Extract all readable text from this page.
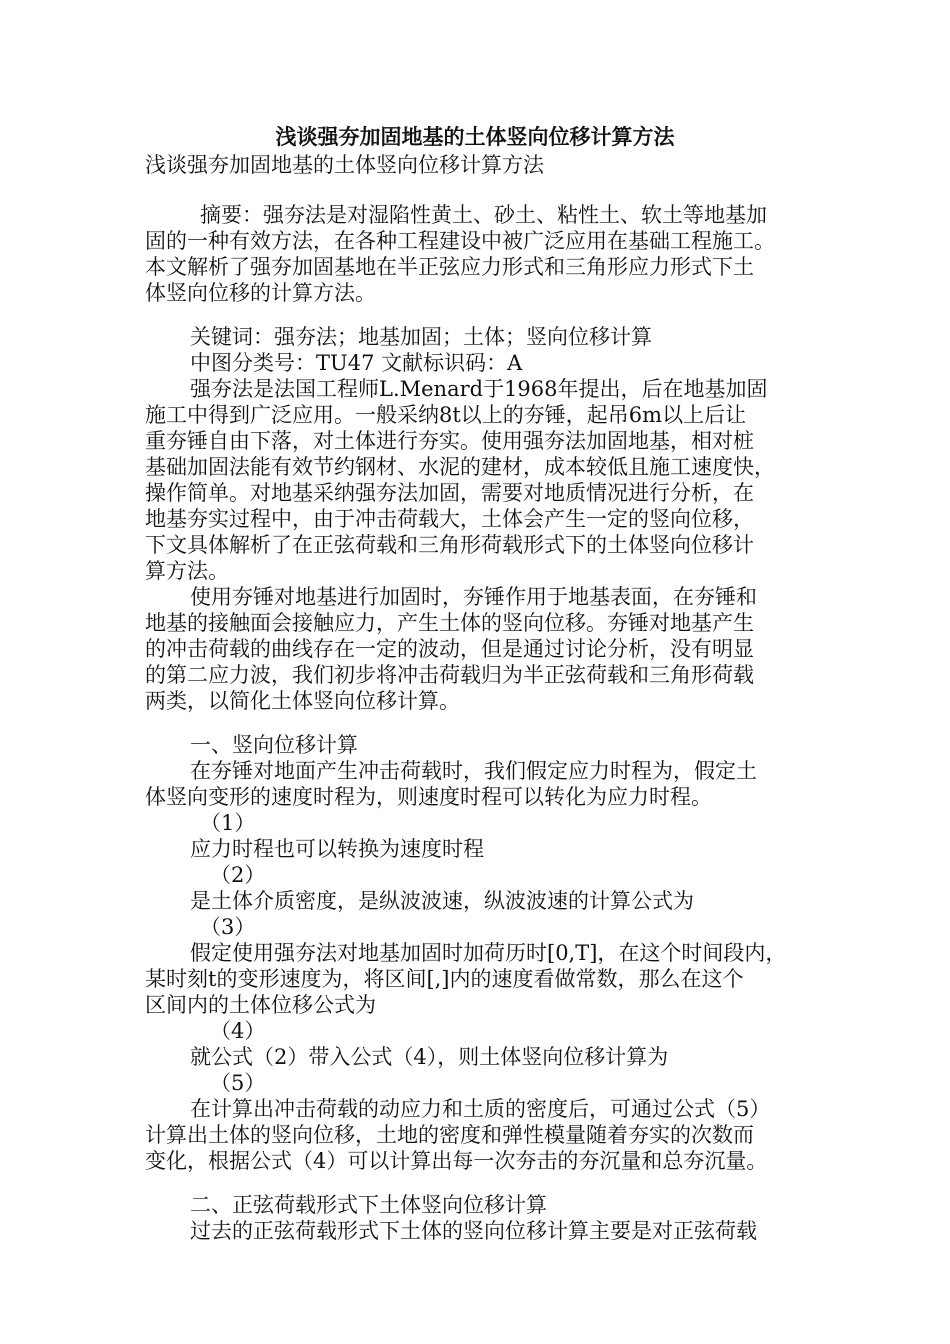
浅谈强夯加固地基的土体竖向位移计算方法
浅谈强夯加固地基的土体竖向位移计算方法
摘要：强夯法是对湿陷性黄土、砂土、粘性土、软土等地基加
固的一种有效方法，在各种工程建设中被广泛应用在基础工程施工。
本文解析了强夯加固基地在半正弦应力形式和三角形应力形式下土
体竖向位移的计算方法。
关键词：强夯法；地基加固；土体；竖向位移计算
中图分类号：TU47 文献标识码：A
强夯法是法国工程师L.Menard于1968年提出，后在地基加固
施工中得到广泛应用。一般采纳8t以上的夯锤，起吊6m以上后让
重夯锤自由下落，对土体进行夯实。使用强夯法加固地基，相对桩
基础加固法能有效节约钢材、水泥的建材，成本较低且施工速度快，
操作简单。对地基采纳强夯法加固，需要对地质情况进行分析，在
地基夯实过程中，由于冲击荷载大，土体会产生一定的竖向位移，
下文具体解析了在正弦荷载和三角形荷载形式下的土体竖向位移计
算方法。
使用夯锤对地基进行加固时，夯锤作用于地基表面，在夯锤和
地基的接触面会接触应力，产生土体的竖向位移。夯锤对地基产生
的冲击荷载的曲线存在一定的波动，但是通过讨论分析，没有明显
的第二应力波，我们初步将冲击荷载归为半正弦荷载和三角形荷载
两类，以简化土体竖向位移计算。
一、竖向位移计算
在夯锤对地面产生冲击荷载时，我们假定应力时程为，假定土
体竖向变形的速度时程为，则速度时程可以转化为应力时程。
（1）
应力时程也可以转换为速度时程
（2）
是土体介质密度，是纵波波速，纵波波速的计算公式为
（3）
假定使用强夯法对地基加固时加荷历时[0,T]，在这个时间段内，
某时刻t的变形速度为，将区间[,]内的速度看做常数，那么在这个
区间内的土体位移公式为
（4）
就公式（2）带入公式（4），则土体竖向位移计算为
（5）
在计算出冲击荷载的动应力和土质的密度后，可通过公式（5）
计算出土体的竖向位移，土地的密度和弹性模量随着夯实的次数而
变化，根据公式（4）可以计算出每一次夯击的夯沉量和总夯沉量。
二、正弦荷载形式下土体竖向位移计算
过去的正弦荷载形式下土体的竖向位移计算主要是对正弦荷载
